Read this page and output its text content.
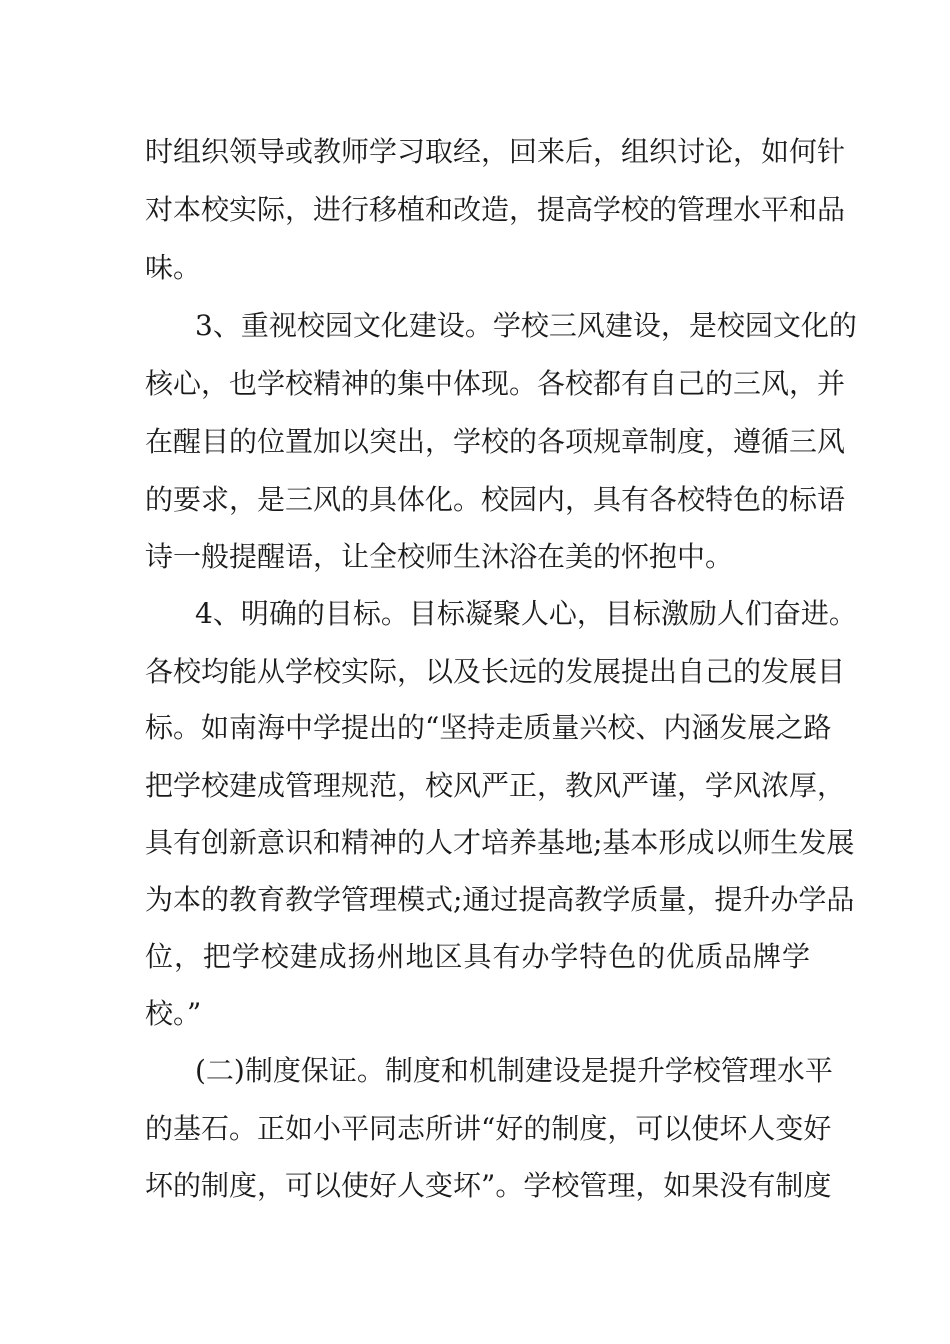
时组织领导或教师学习取经，回来后，组织讨论，如何针
对本校实际，进行移植和改造，提高学校的管理水平和品
味。
3、重视校园文化建设。学校三风建设，是校园文化的
核心，也学校精神的集中体现。各校都有自己的三风，并
在醒目的位置加以突出，学校的各项规章制度，遵循三风
的要求，是三风的具体化。校园内，具有各校特色的标语
诗一般提醒语，让全校师生沐浴在美的怀抱中。
4、明确的目标。目标凝聚人心，目标激励人们奋进。
各校均能从学校实际，以及长远的发展提出自己的发展目
标。如南海中学提出的“坚持走质量兴校、内涵发展之路
把学校建成管理规范，校风严正，教风严谨，学风浓厚，
具有创新意识和精神的人才培养基地;基本形成以师生发展
为本的教育教学管理模式;通过提高教学质量，提升办学品
位，把学校建成扬州地区具有办学特色的优质品牌学
校。”
(二)制度保证。制度和机制建设是提升学校管理水平
的基石。正如小平同志所讲“好的制度，可以使坏人变好
坏的制度，可以使好人变坏”。学校管理，如果没有制度
